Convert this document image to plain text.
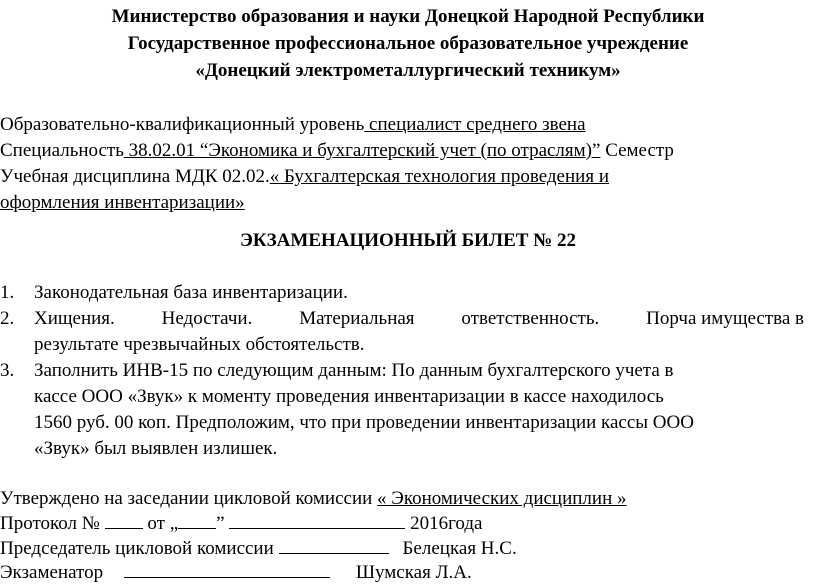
Министерство образования и науки Донецкой Народной Республики
Государственное профессиональное образовательное учреждение
«Донецкий электрометаллургический техникум»
Образовательно-квалификационный уровень специалист среднего звена
Специальность 38.02.01 “Экономика и бухгалтерский учет (по отраслям)” Семестр
Учебная дисциплина МДК 02.02.« Бухгалтерская технология проведения и
оформления инвентаризации»
ЭКЗАМЕНАЦИОННЫЙ БИЛЕТ № 22
1. Законодательная база инвентаризации.
2. Хищения. Недостачи. Материальная ответственность. Порча имущества в
результате чрезвычайных обстоятельств.
3. Заполнить ИНВ-15 по следующим данным: По данным бухгалтерского учета в
кассе ООО «Звук» к моменту проведения инвентаризации в кассе находилось
1560 руб. 00 коп. Предположим, что при проведении инвентаризации кассы ООО
«Звук» был выявлен излишек.
Утверждено на заседании цикловой комиссии « Экономических дисциплин »
Протокол №  от „ ”	2016года
Председатель цикловой комиссии	Белецкая Н.С.
Экзаменатор	Шумская Л.А.
